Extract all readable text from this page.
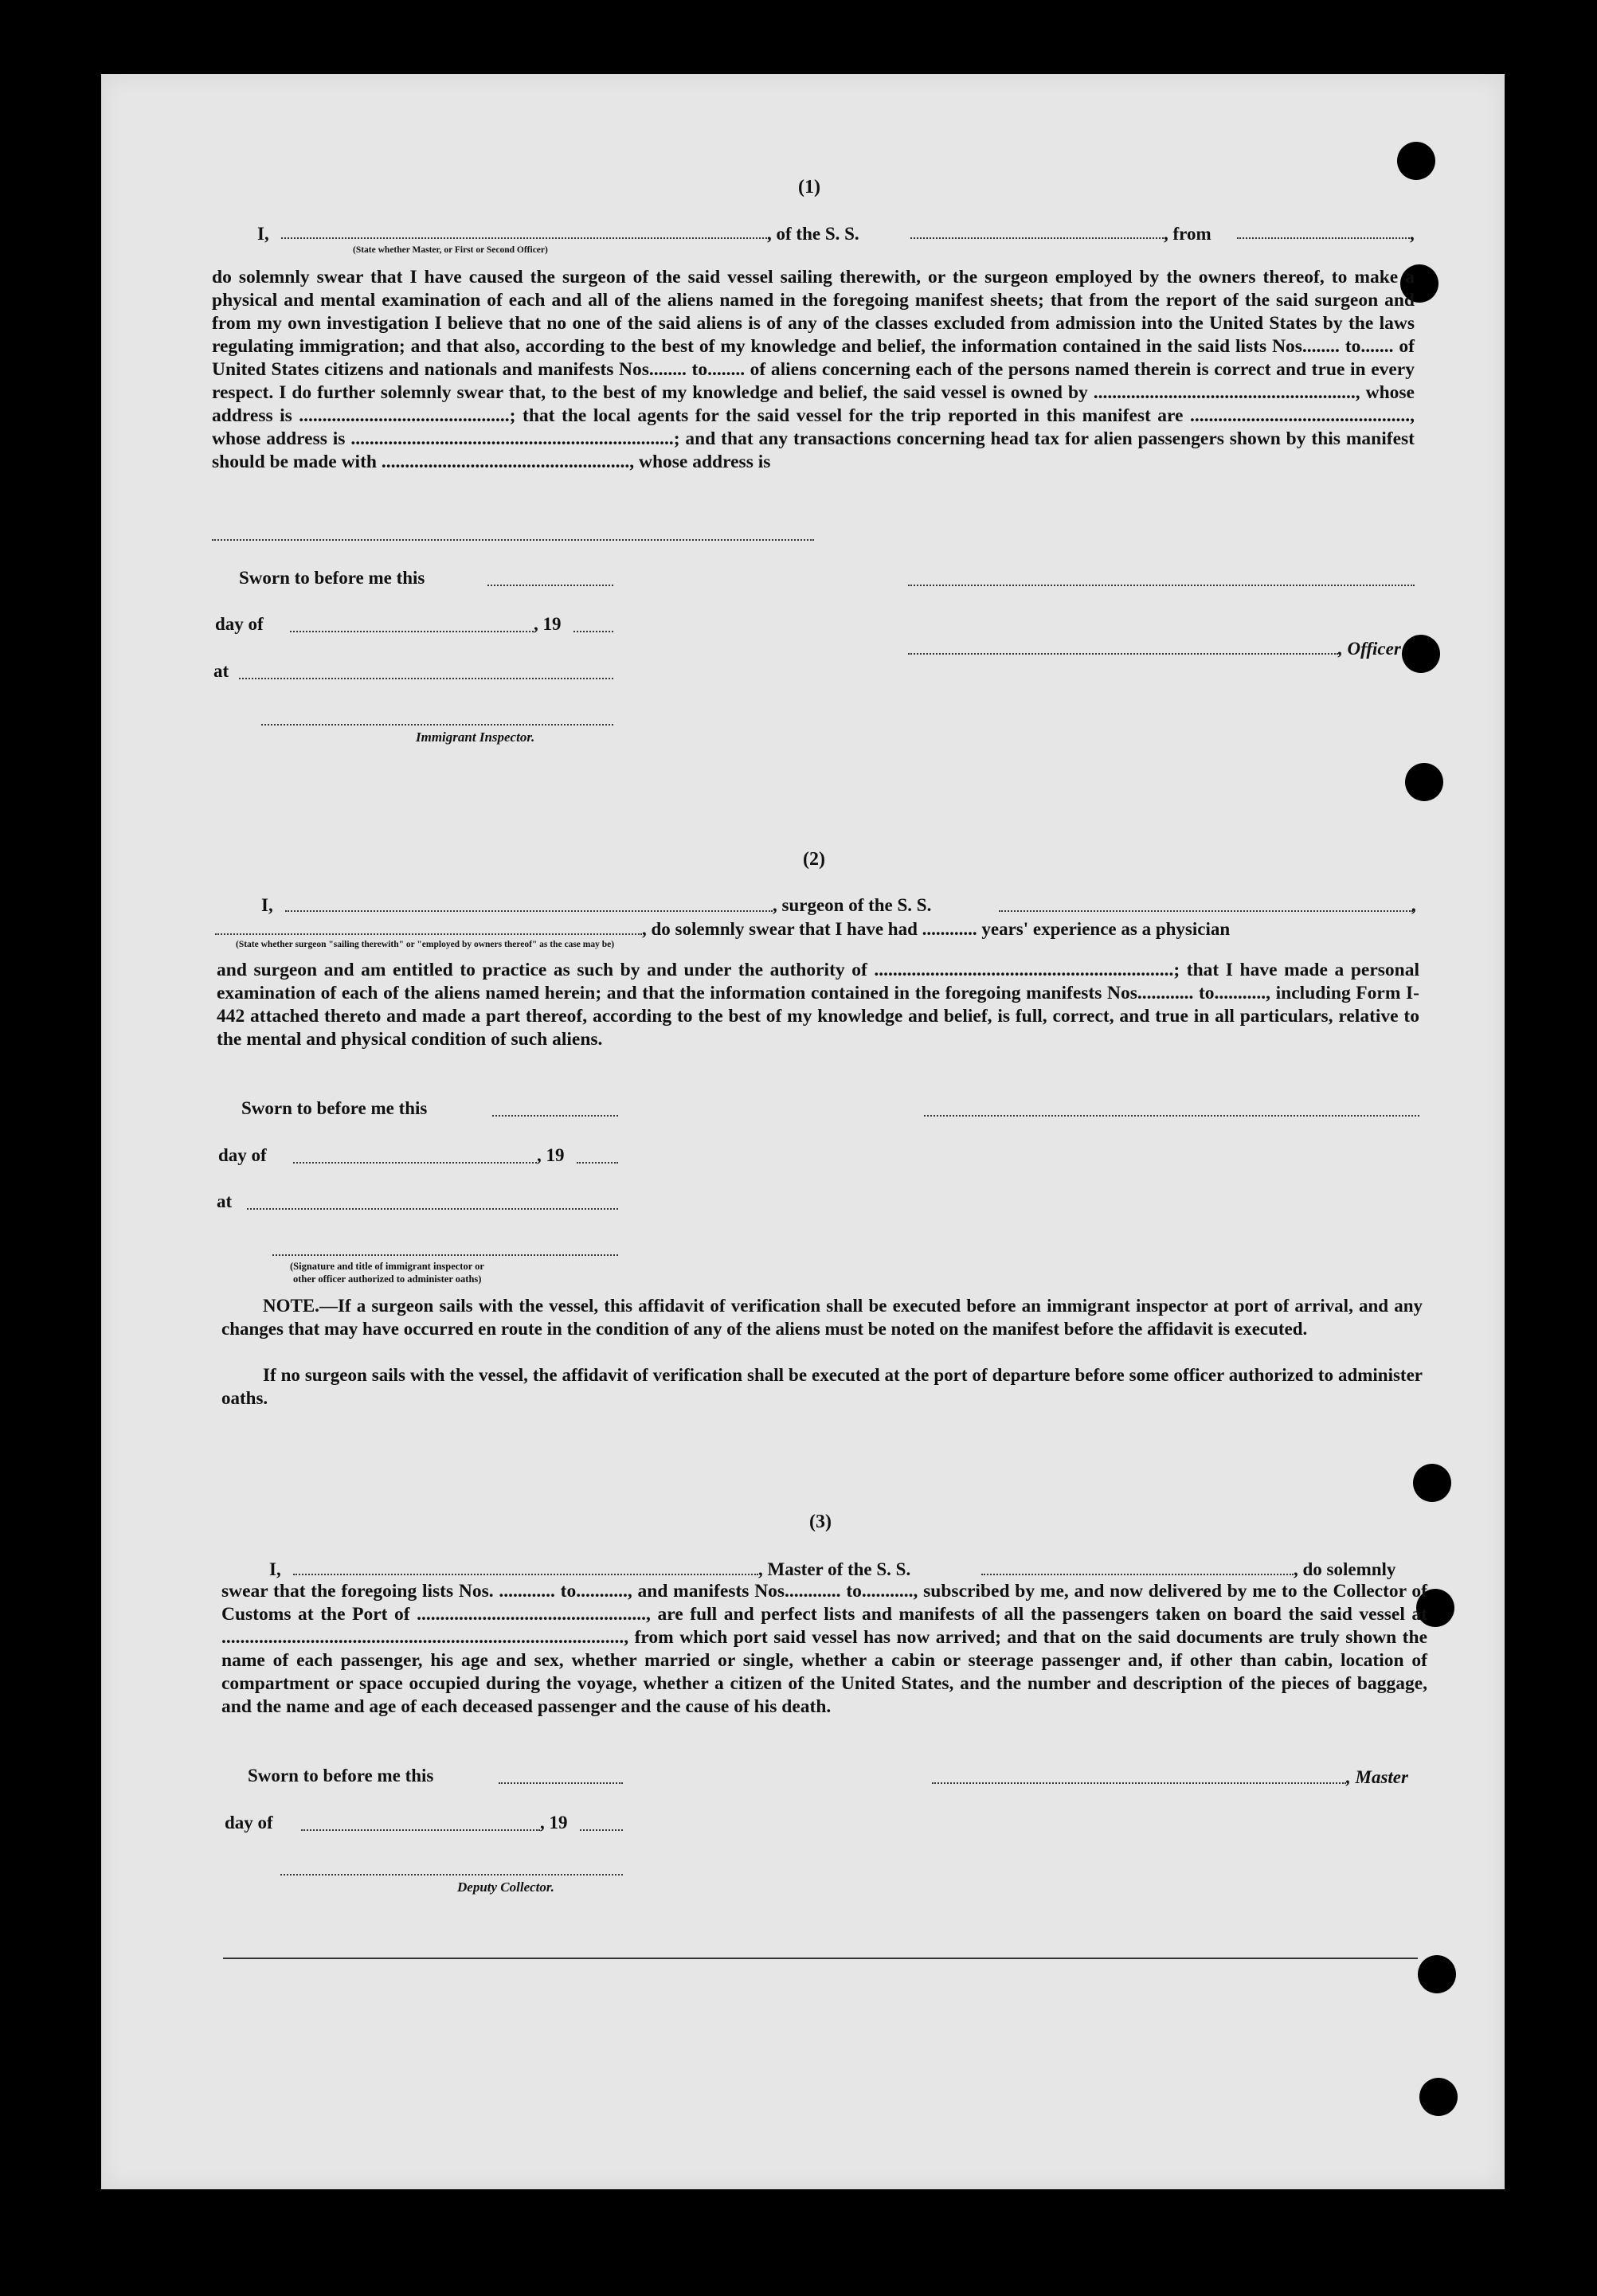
(1)
I,	, of the S. S.	, from	,
(State whether Master, or First or Second Officer)
do solemnly swear that I have caused the surgeon of the said vessel sailing therewith, or the surgeon employed by the owners thereof, to make a physical and mental examination of each and all of the aliens named in the foregoing manifest sheets; that from the report of the said surgeon and from my own investigation I believe that no one of the said aliens is of any of the classes excluded from admission into the United States by the laws regulating immigration; and that also, according to the best of my knowledge and belief, the information contained in the said lists Nos........ to....... of United States citizens and nationals and manifests Nos........ to........ of aliens concerning each of the persons named therein is correct and true in every respect. I do further solemnly swear that, to the best of my knowledge and belief, the said vessel is owned by ........................................................, whose address is .............................................; that the local agents for the said vessel for the trip reported in this manifest are ..............................................., whose address is .....................................................................; and that any transactions concerning head tax for alien passengers shown by this manifest should be made with ....................................................., whose address is
Sworn to before me this
day of	, 19
, Officer
at
Immigrant Inspector.
(2)
I,	, surgeon of the S. S.	,
, do solemnly swear that I have had ............ years' experience as a physician
(State whether surgeon "sailing therewith" or "employed by owners thereof" as the case may be)
and surgeon and am entitled to practice as such by and under the authority of ................................................................; that I have made a personal examination of each of the aliens named herein; and that the information contained in the foregoing manifests Nos............ to..........., including Form I-442 attached thereto and made a part thereof, according to the best of my knowledge and belief, is full, correct, and true in all particulars, relative to the mental and physical condition of such aliens.
Sworn to before me this
day of	, 19
at
(Signature and title of immigrant inspector or
other officer authorized to administer oaths)
NOTE.—If a surgeon sails with the vessel, this affidavit of verification shall be executed before an immigrant inspector at port of arrival, and any changes that may have occurred en route in the condition of any of the aliens must be noted on the manifest before the affidavit is executed.
If no surgeon sails with the vessel, the affidavit of verification shall be executed at the port of departure before some officer authorized to administer oaths.
(3)
I,	, Master of the S. S.	, do solemnly
swear that the foregoing lists Nos. ............ to..........., and manifests Nos............ to..........., subscribed by me, and now delivered by me to the Collector of Customs at the Port of ................................................., are full and perfect lists and manifests of all the passengers taken on board the said vessel at ......................................................................................, from which port said vessel has now arrived; and that on the said documents are truly shown the name of each passenger, his age and sex, whether married or single, whether a cabin or steerage passenger and, if other than cabin, location of compartment or space occupied during the voyage, whether a citizen of the United States, and the number and description of the pieces of baggage, and the name and age of each deceased passenger and the cause of his death.
Sworn to before me this	, Master
day of	, 19
Deputy Collector.
